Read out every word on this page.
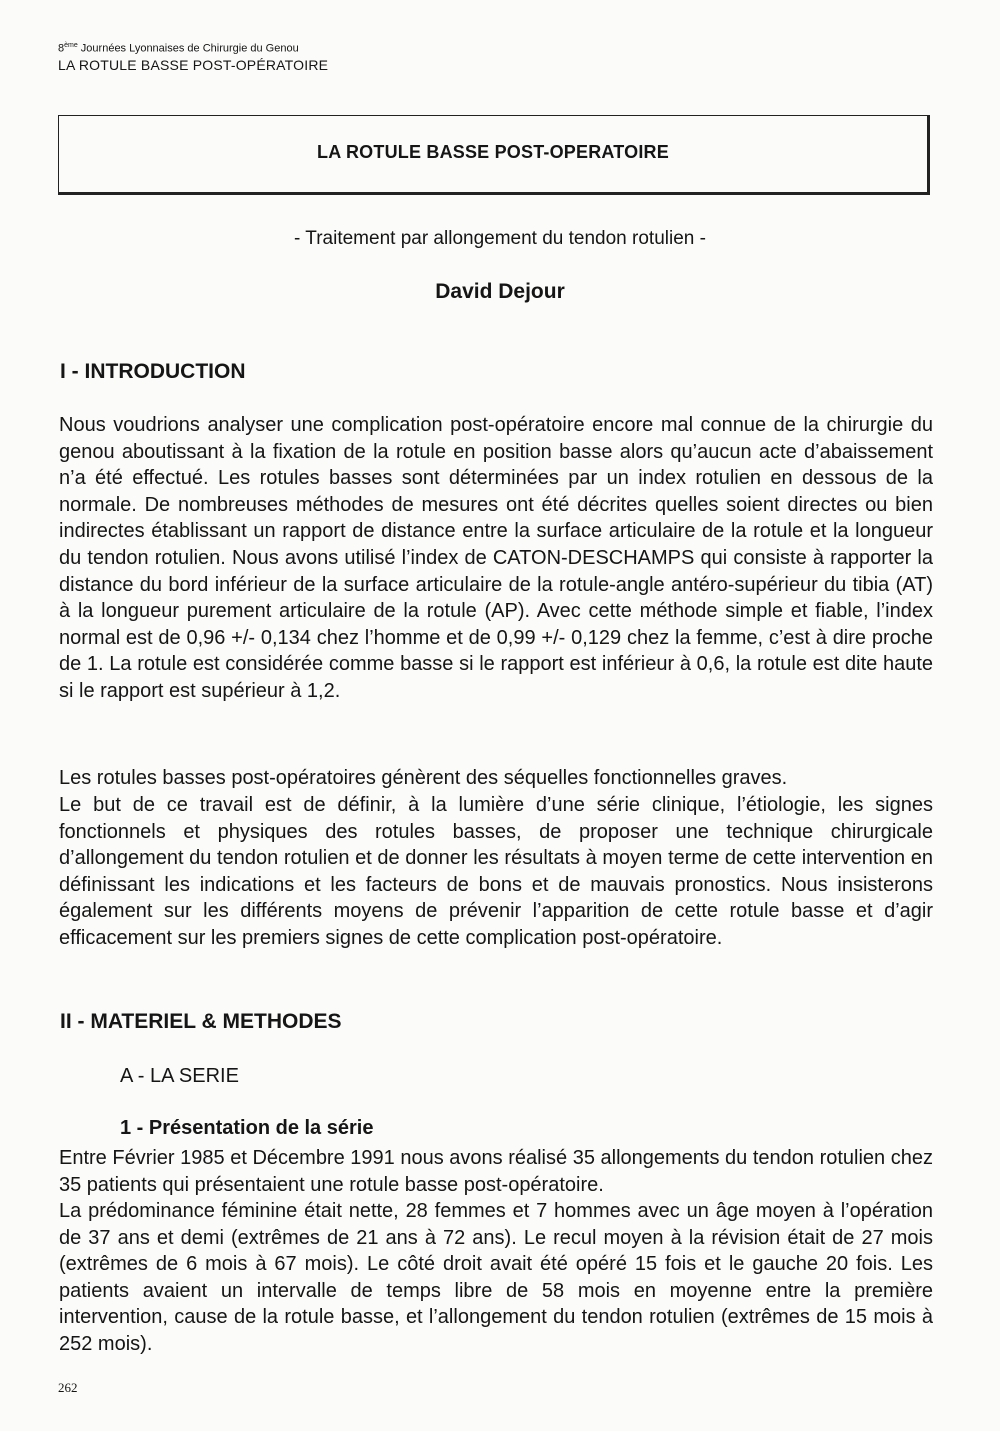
8ème Journées Lyonnaises de Chirurgie du Genou
LA ROTULE BASSE POST-OPÉRATOIRE
LA ROTULE BASSE POST-OPERATOIRE
- Traitement par allongement du tendon rotulien -
David Dejour
I - INTRODUCTION

Nous voudrions analyser une complication post-opératoire encore mal connue de la chirurgie du genou aboutissant à la fixation de la rotule en position basse alors qu’aucun acte d’abaissement n’a été effectué. Les rotules basses sont déterminées par un index rotulien en dessous de la normale. De nombreuses méthodes de mesures ont été décrites quelles soient directes ou bien indirectes établissant un rapport de distance entre la surface articulaire de la rotule et la longueur du tendon rotulien. Nous avons utilisé l’index de CATON-DESCHAMPS qui consiste à rapporter la distance du bord inférieur de la surface articulaire de la rotule-angle antéro-supérieur du tibia (AT) à la longueur purement articulaire de la rotule (AP). Avec cette méthode simple et fiable, l’index normal est de 0,96 +/- 0,134 chez l’homme et de 0,99 +/- 0,129 chez la femme, c’est à dire proche de 1. La rotule est considérée comme basse si le rapport est inférieur à 0,6, la rotule est dite haute si le rapport est supérieur à 1,2.

Les rotules basses post-opératoires génèrent des séquelles fonctionnelles graves.

Le but de ce travail est de définir, à la lumière d’une série clinique, l’étiologie, les signes fonctionnels et physiques des rotules basses, de proposer une technique chirurgicale d’allongement du tendon rotulien et de donner les résultats à moyen terme de cette intervention en définissant les indications et les facteurs de bons et de mauvais pronostics. Nous insisterons également sur les différents moyens de prévenir l’apparition de cette rotule basse et d’agir efficacement sur les premiers signes de cette complication post-opératoire.

II - MATERIEL & METHODES
A - LA SERIE
1 - Présentation de la série

Entre Février 1985 et Décembre 1991 nous avons réalisé 35 allongements du tendon rotulien chez 35 patients qui présentaient une rotule basse post-opératoire.

La prédominance féminine était nette, 28 femmes et 7 hommes avec un âge moyen à l’opération de 37 ans et demi (extrêmes de 21 ans à 72 ans). Le recul moyen à la révision était de 27 mois (extrêmes de 6 mois à 67 mois). Le côté droit avait été opéré 15 fois et le gauche 20 fois. Les patients avaient un intervalle de temps libre de 58 mois en moyenne entre la première intervention, cause de la rotule basse, et l’allongement du tendon rotulien (extrêmes de 15 mois à 252 mois).

262
